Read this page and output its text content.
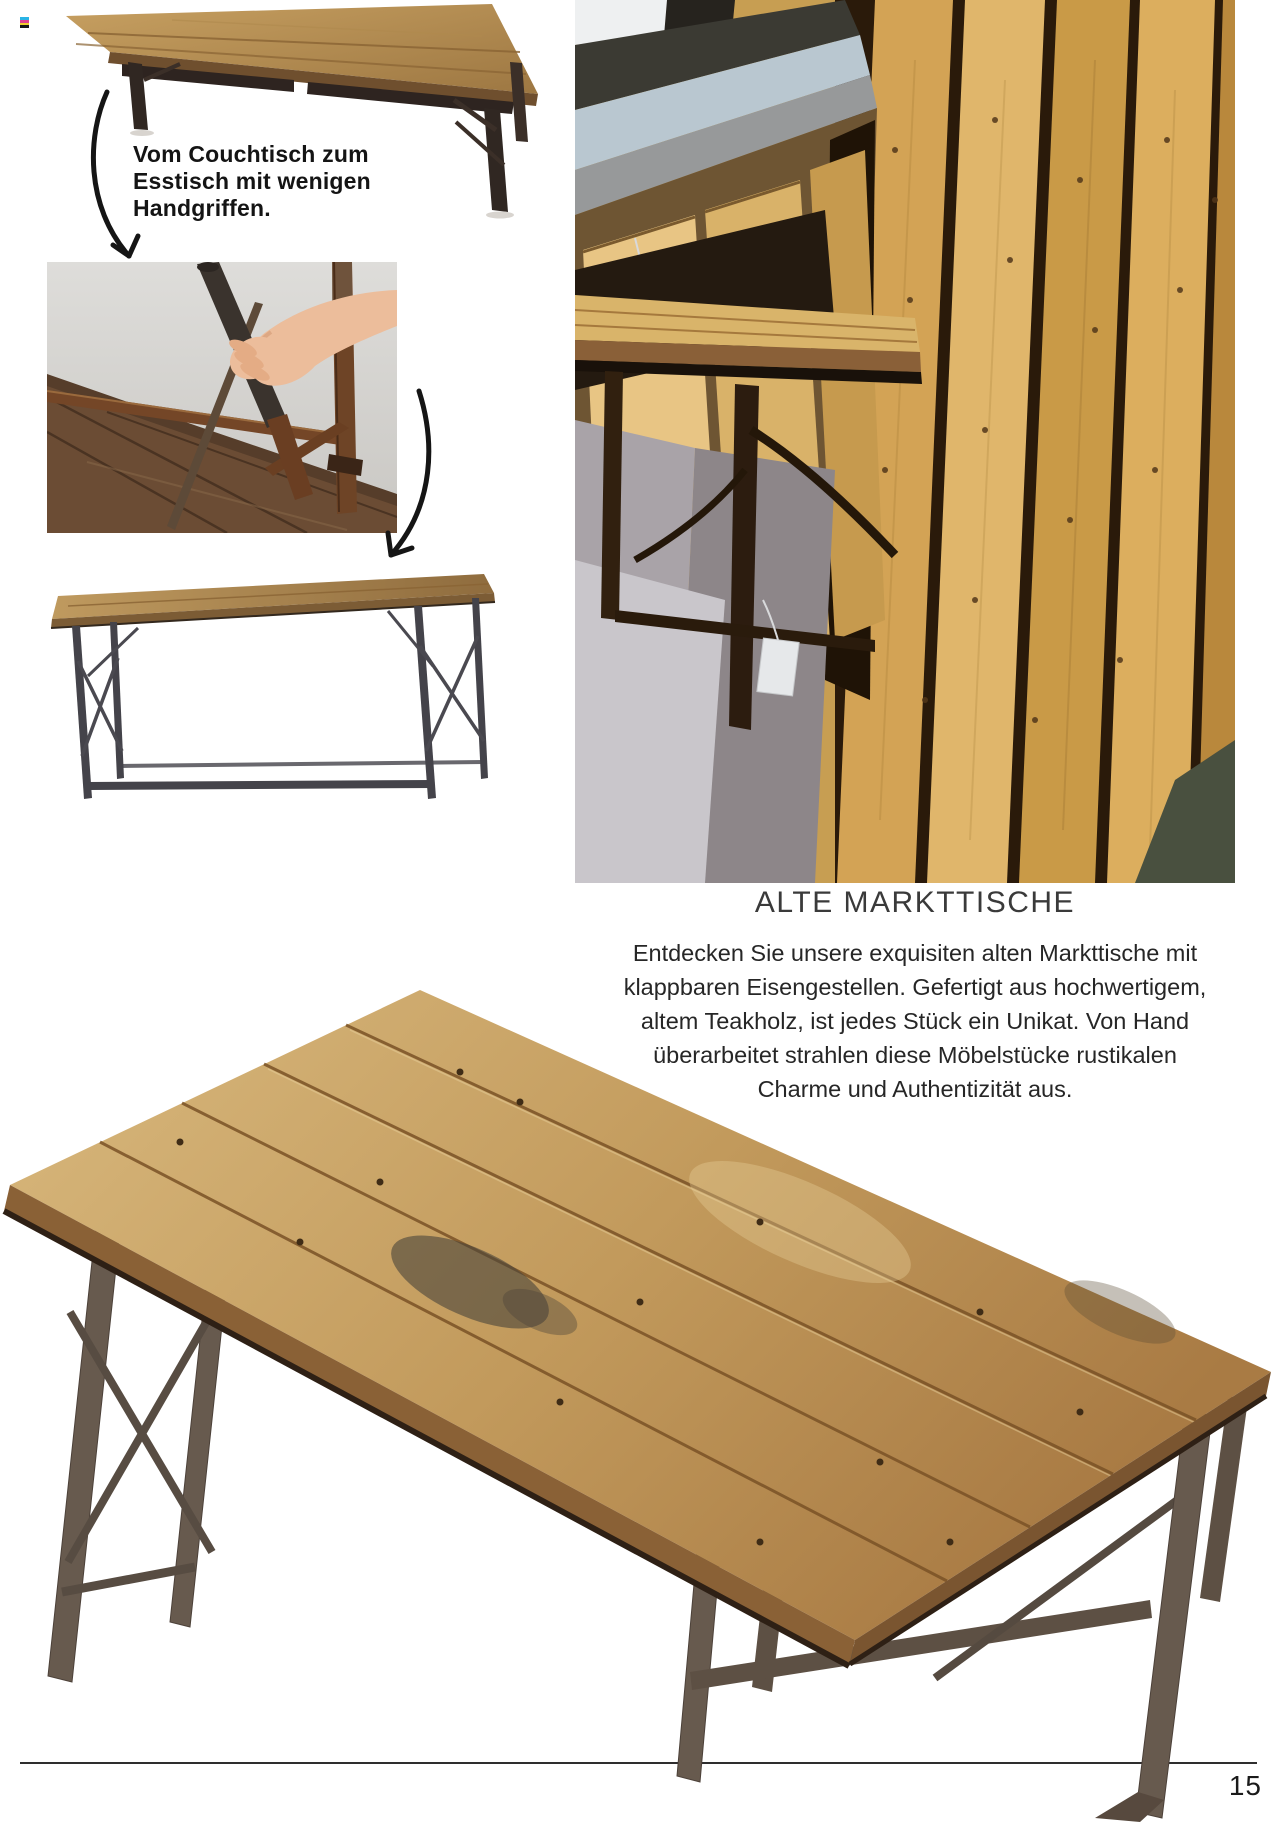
Vom Couchtisch zum
Esstisch mit wenigen
Handgriffen.
ALTE MARKTTISCHE
Entdecken Sie unsere exquisiten alten Markttische mit
klappbaren Eisengestellen. Gefertigt aus hochwertigem,
altem Teakholz, ist jedes Stück ein Unikat. Von Hand
überarbeitet strahlen diese Möbelstücke rustikalen
Charme und Authentizität aus.
15
